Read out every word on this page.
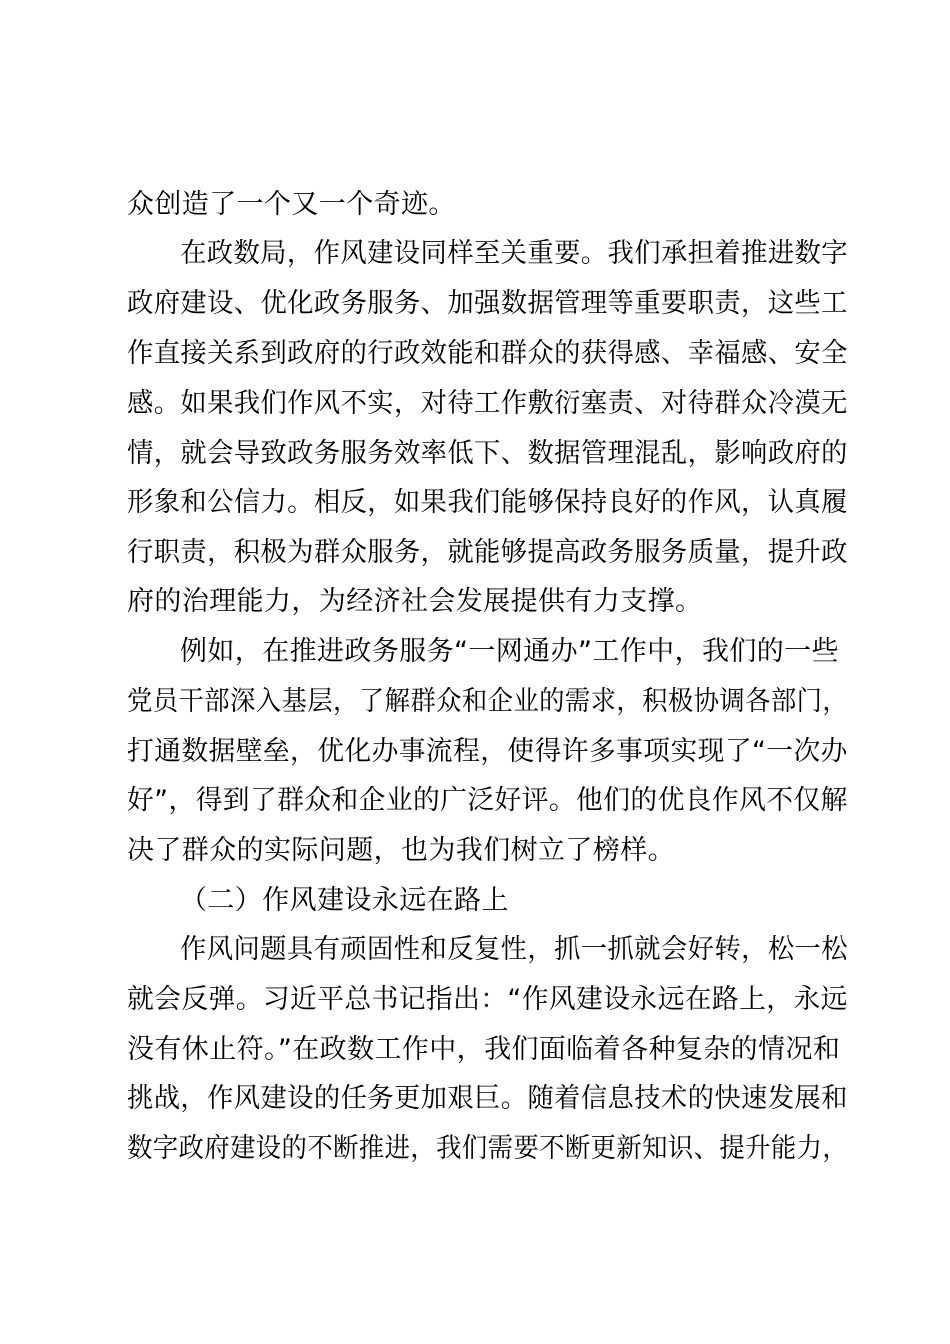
众创造了一个又一个奇迹。
在政数局，作风建设同样至关重要。我们承担着推进数字
政府建设、优化政务服务、加强数据管理等重要职责，这些工
作直接关系到政府的行政效能和群众的获得感、幸福感、安全
感。如果我们作风不实，对待工作敷衍塞责、对待群众冷漠无
情，就会导致政务服务效率低下、数据管理混乱，影响政府的
形象和公信力。相反，如果我们能够保持良好的作风，认真履
行职责，积极为群众服务，就能够提高政务服务质量，提升政
府的治理能力，为经济社会发展提供有力支撑。
例如，在推进政务服务“一网通办”工作中，我们的一些
党员干部深入基层，了解群众和企业的需求，积极协调各部门，
打通数据壁垒，优化办事流程，使得许多事项实现了“一次办
好”，得到了群众和企业的广泛好评。他们的优良作风不仅解
决了群众的实际问题，也为我们树立了榜样。
（二）作风建设永远在路上
作风问题具有顽固性和反复性，抓一抓就会好转，松一松
就会反弹。习近平总书记指出：“作风建设永远在路上，永远
没有休止符。”在政数工作中，我们面临着各种复杂的情况和
挑战，作风建设的任务更加艰巨。随着信息技术的快速发展和
数字政府建设的不断推进，我们需要不断更新知识、提升能力，
